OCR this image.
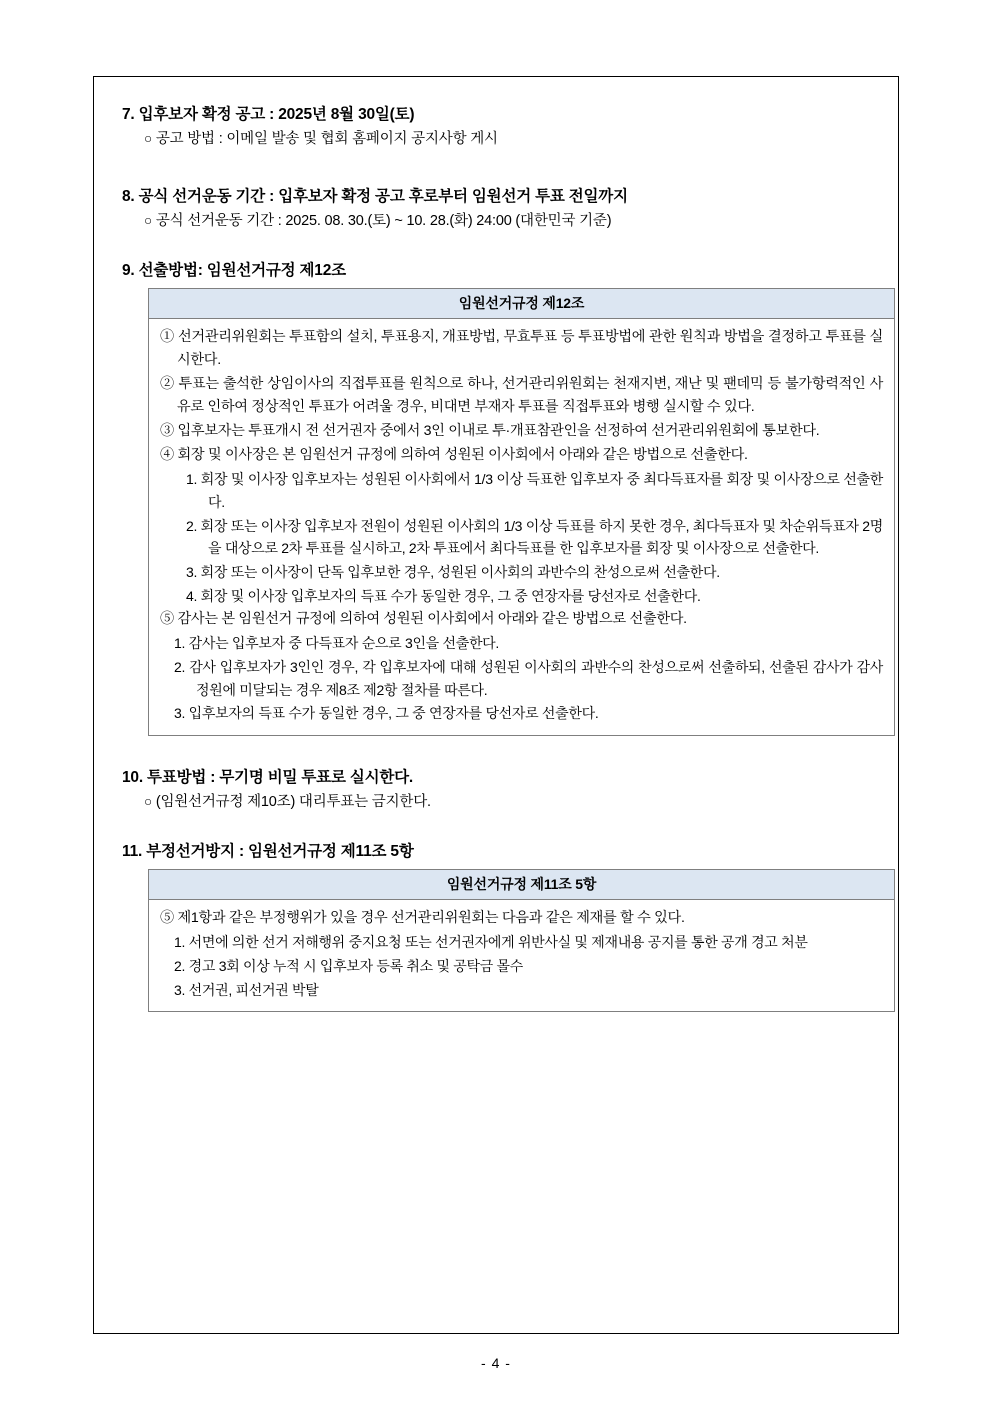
7. 입후보자 확정 공고 : 2025년 8월 30일(토)

○ 공고 방법 : 이메일 발송 및 협회 홈페이지 공지사항 게시

8. 공식 선거운동 기간 : 입후보자 확정 공고 후로부터 임원선거 투표 전일까지

○ 공식 선거운동 기간 : 2025. 08. 30.(토) ~ 10. 28.(화) 24:00 (대한민국 기준)

9. 선출방법: 임원선거규정 제12조

임원선거규정 제12조

① 선거관리위원회는 투표함의 설치, 투표용지, 개표방법, 무효투표 등 투표방법에 관한 원칙과 방법을 결정하고 투표를 실시한다.

② 투표는 출석한 상임이사의 직접투표를 원칙으로 하나, 선거관리위원회는 천재지변, 재난 및 팬데믹 등 불가항력적인 사유로 인하여 정상적인 투표가 어려울 경우, 비대면 부재자 투표를 직접투표와 병행 실시할 수 있다.

③ 입후보자는 투표개시 전 선거권자 중에서 3인 이내로 투·개표참관인을 선정하여 선거관리위원회에 통보한다.

④ 회장 및 이사장은 본 임원선거 규정에 의하여 성원된 이사회에서 아래와 같은 방법으로 선출한다.

1. 회장 및 이사장 입후보자는 성원된 이사회에서 1/3 이상 득표한 입후보자 중 최다득표자를 회장 및 이사장으로 선출한다.

2. 회장 또는 이사장 입후보자 전원이 성원된 이사회의 1/3 이상 득표를 하지 못한 경우, 최다득표자 및 차순위득표자 2명을 대상으로 2차 투표를 실시하고, 2차 투표에서 최다득표를 한 입후보자를 회장 및 이사장으로 선출한다.

3. 회장 또는 이사장이 단독 입후보한 경우, 성원된 이사회의 과반수의 찬성으로써 선출한다.

4. 회장 및 이사장 입후보자의 득표 수가 동일한 경우, 그 중 연장자를 당선자로 선출한다.

⑤ 감사는 본 임원선거 규정에 의하여 성원된 이사회에서 아래와 같은 방법으로 선출한다.

1. 감사는 입후보자 중 다득표자 순으로 3인을 선출한다.

2. 감사 입후보자가 3인인 경우, 각 입후보자에 대해 성원된 이사회의 과반수의 찬성으로써 선출하되, 선출된 감사가 감사 정원에 미달되는 경우 제8조 제2항 절차를 따른다.

3. 입후보자의 득표 수가 동일한 경우, 그 중 연장자를 당선자로 선출한다.

10. 투표방법 : 무기명 비밀 투표로 실시한다.

○ (임원선거규정 제10조) 대리투표는 금지한다.

11. 부정선거방지 : 임원선거규정 제11조 5항

임원선거규정 제11조 5항

⑤ 제1항과 같은 부정행위가 있을 경우 선거관리위원회는 다음과 같은 제재를 할 수 있다.

1. 서면에 의한 선거 저해행위 중지요청 또는 선거권자에게 위반사실 및 제재내용 공지를 통한 공개 경고 처분

2. 경고 3회 이상 누적 시 입후보자 등록 취소 및 공탁금 몰수

3. 선거권, 피선거권 박탈

- 4 -
